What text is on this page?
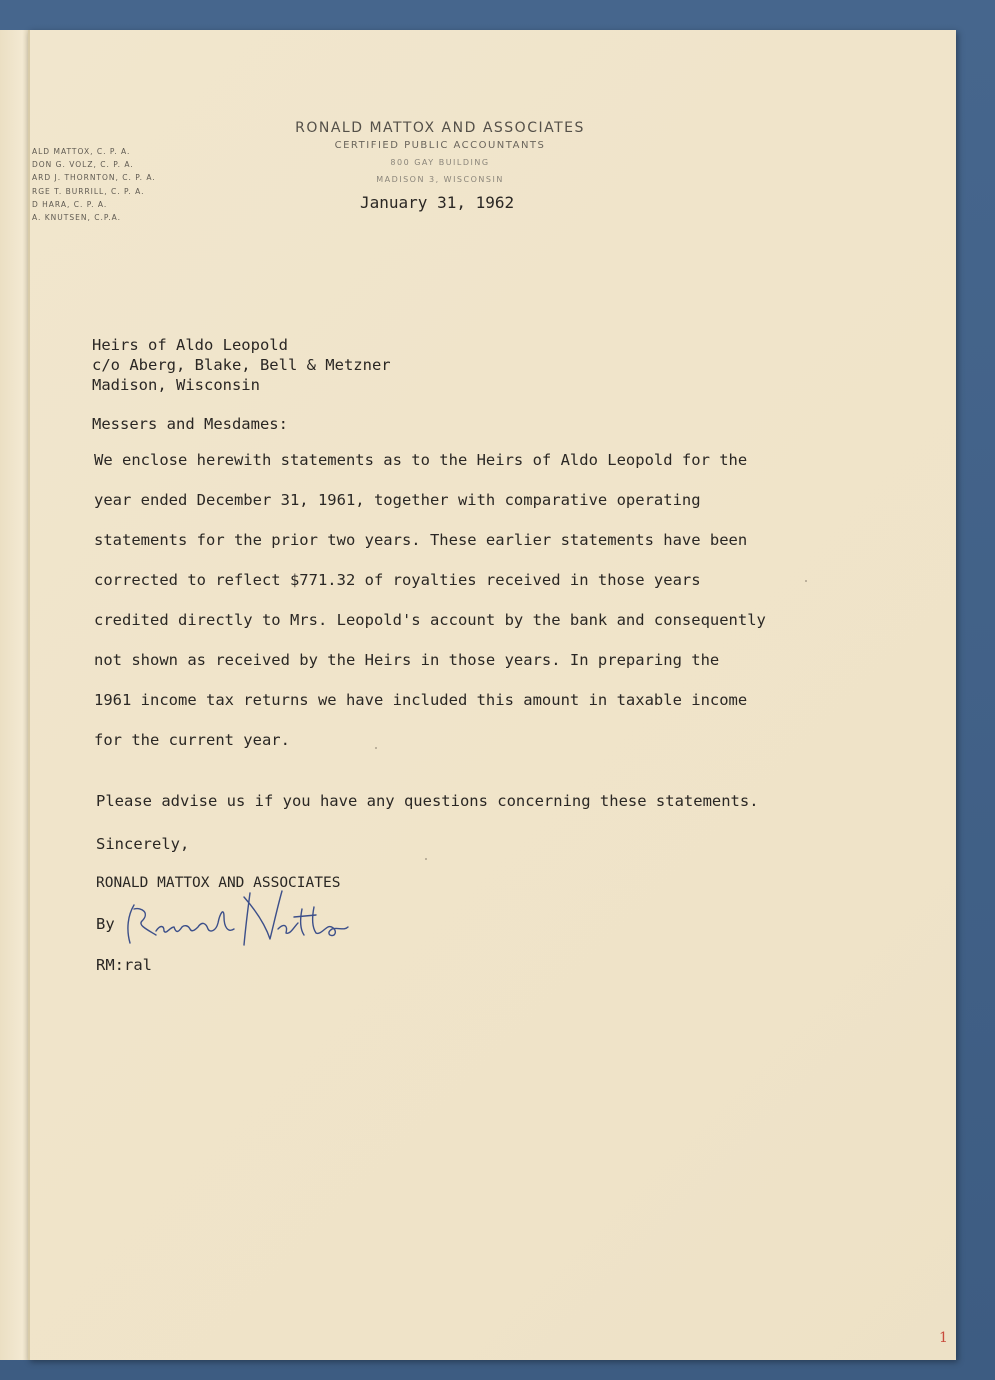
RONALD MATTOX AND ASSOCIATES
CERTIFIED PUBLIC ACCOUNTANTS
800 GAY BUILDING
MADISON 3, WISCONSIN
ALD MATTOX, C. P. A.
DON G. VOLZ, C. P. A.
ARD J. THORNTON, C. P. A.
RGE T. BURRILL, C. P. A.
D HARA, C. P. A.
A. KNUTSEN, C.P.A.
January 31, 1962
Heirs of Aldo Leopold
c/o Aberg, Blake, Bell & Metzner
Madison, Wisconsin
Messers and Mesdames:
We enclose herewith statements as to the Heirs of Aldo Leopold for the
year ended December 31, 1961, together with comparative operating
statements for the prior two years. These earlier statements have been
corrected to reflect $771.32 of royalties received in those years
credited directly to Mrs. Leopold's account by the bank and consequently
not shown as received by the Heirs in those years. In preparing the
1961 income tax returns we have included this amount in taxable income
for the current year.
Please advise us if you have any questions concerning these statements.
Sincerely,
RONALD MATTOX AND ASSOCIATES
By
RM:ral
1
